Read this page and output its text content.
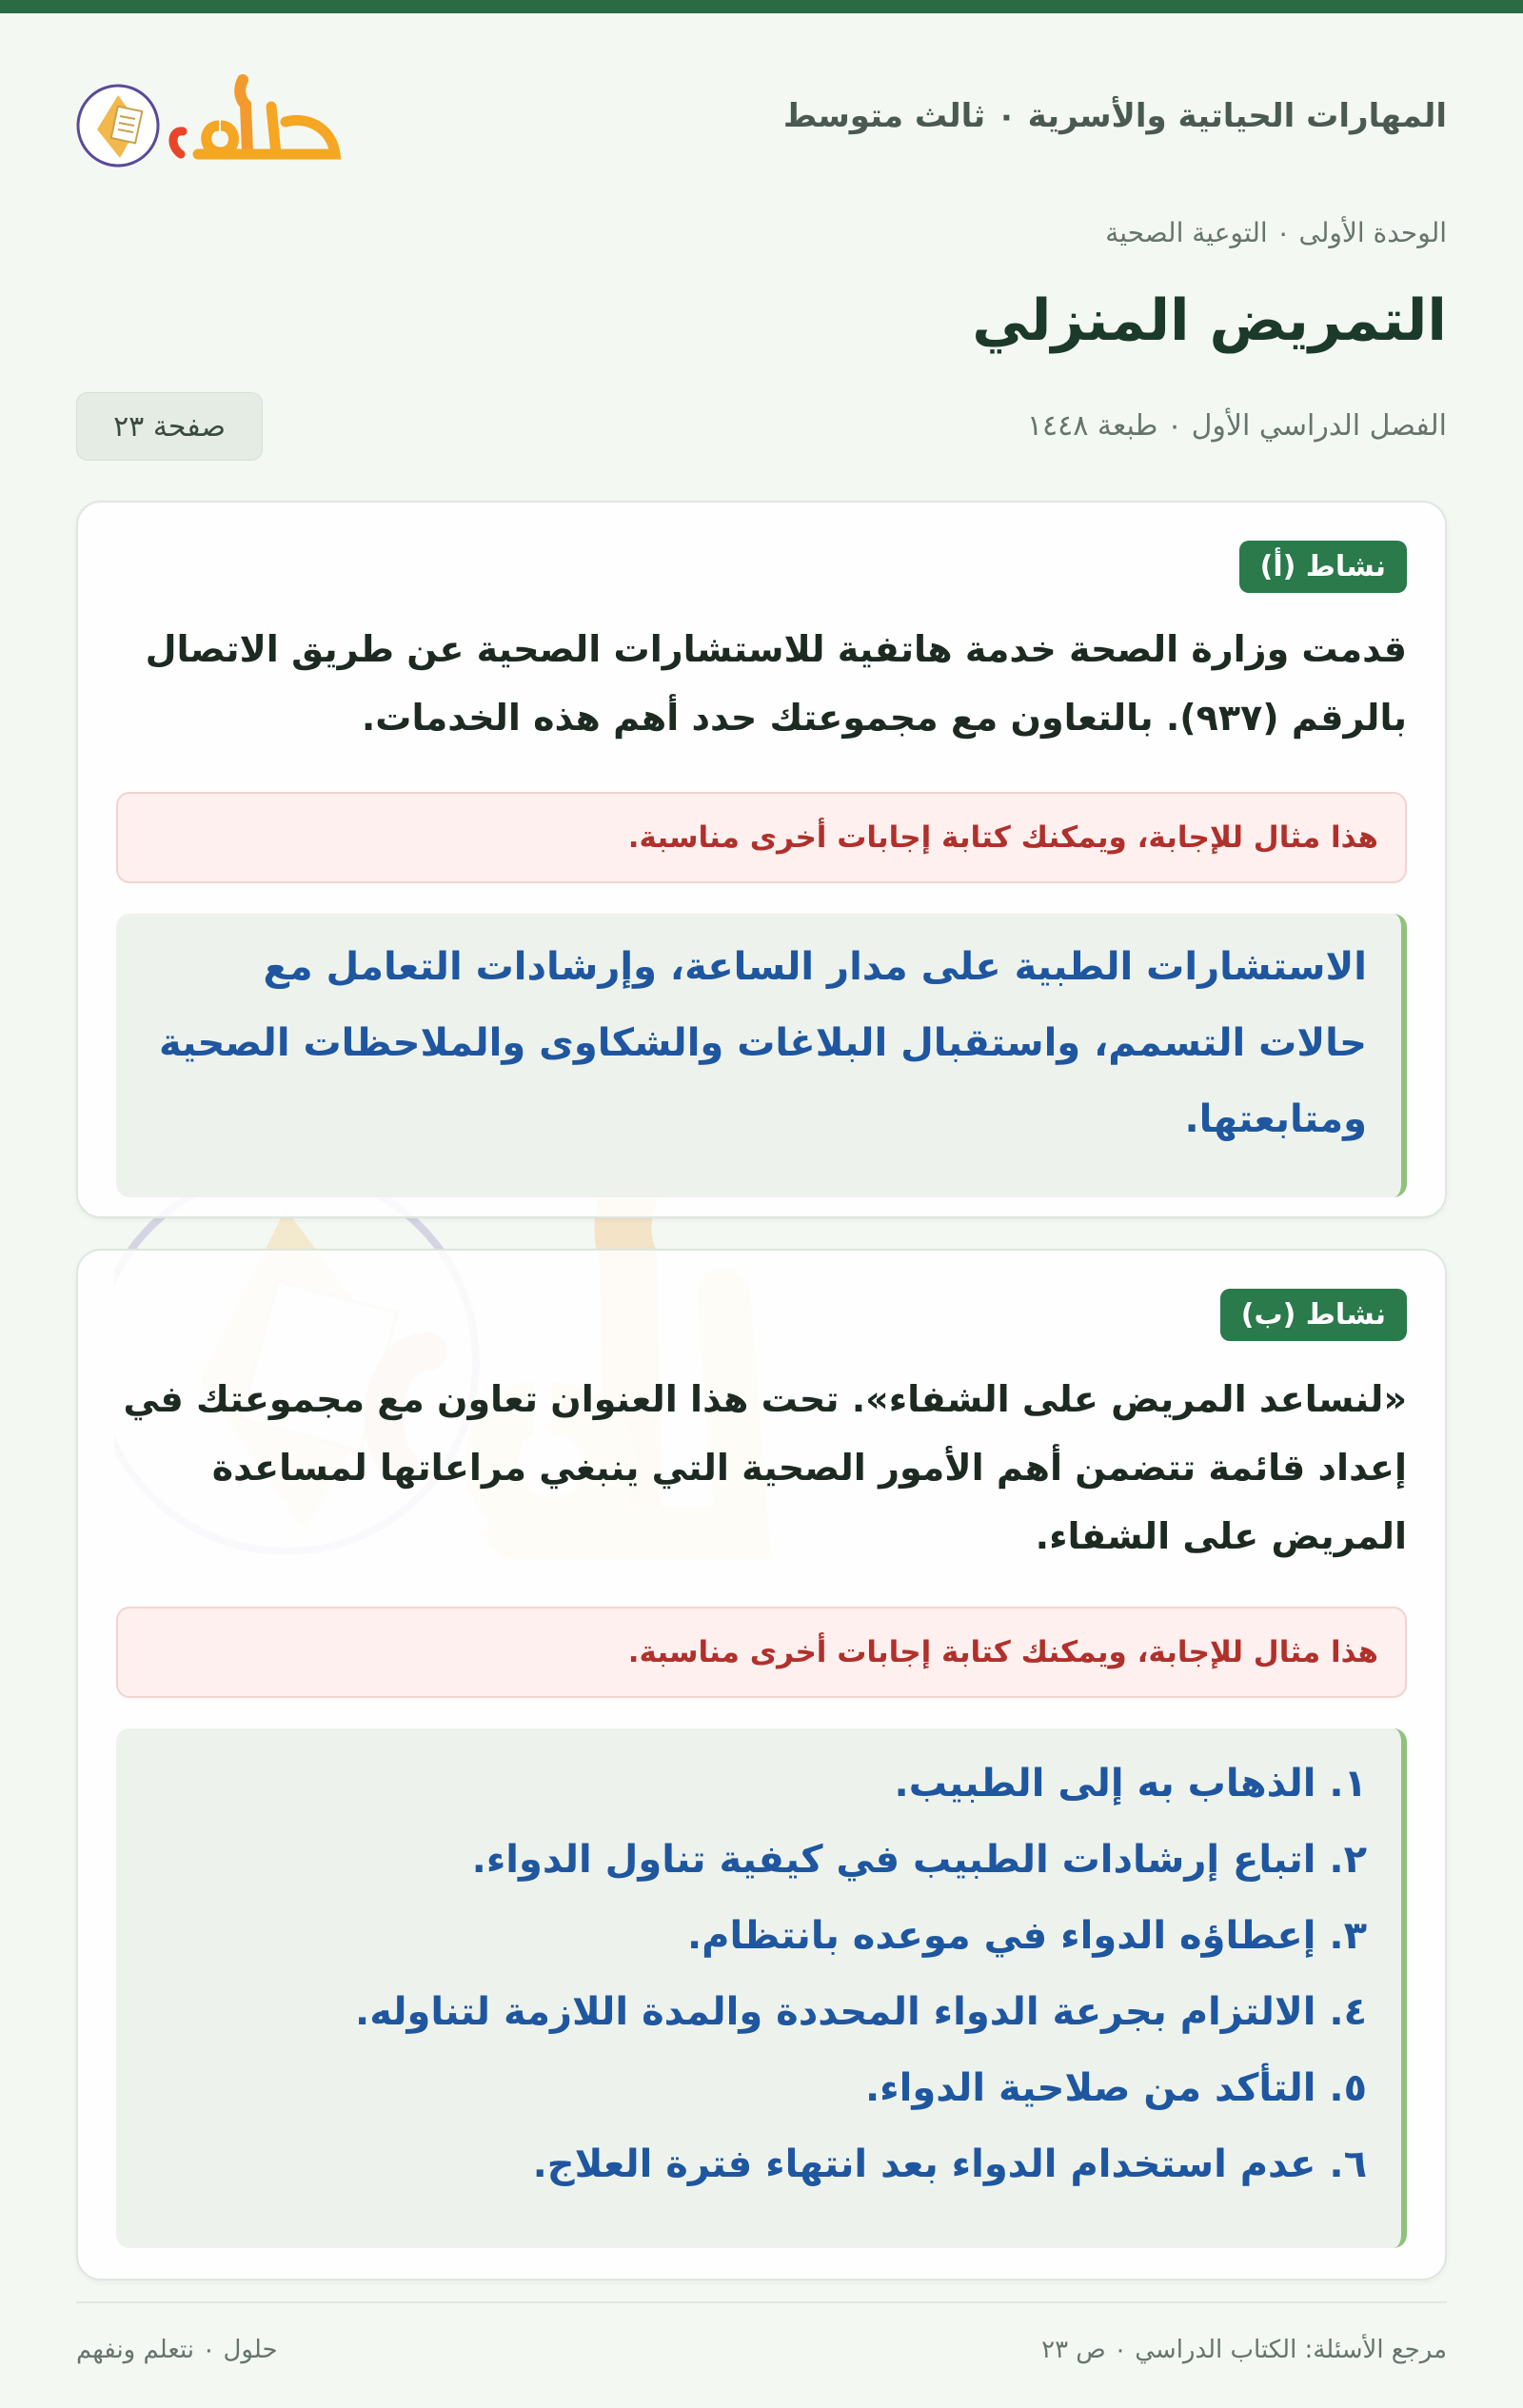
المهارات الحياتية والأسرية ٠ ثالث متوسط
الوحدة الأولى ٠ التوعية الصحية
التمريض المنزلي
الفصل الدراسي الأول ٠ طبعة ١٤٤٨
صفحة ٢٣
نشاط (أ)
قدمت وزارة الصحة خدمة هاتفية للاستشارات الصحية عن طريق الاتصال بالرقم (٩٣٧). بالتعاون مع مجموعتك حدد أهم هذه الخدمات.
هذا مثال للإجابة، ويمكنك كتابة إجابات أخرى مناسبة.
الاستشارات الطبية على مدار الساعة، وإرشادات التعامل مع حالات التسمم، واستقبال البلاغات والشكاوى والملاحظات الصحية ومتابعتها.
نشاط (ب)
«لنساعد المريض على الشفاء». تحت هذا العنوان تعاون مع مجموعتك في إعداد قائمة تتضمن أهم الأمور الصحية التي ينبغي مراعاتها لمساعدة المريض على الشفاء.
هذا مثال للإجابة، ويمكنك كتابة إجابات أخرى مناسبة.
١. الذهاب به إلى الطبيب.
٢. اتباع إرشادات الطبيب في كيفية تناول الدواء.
٣. إعطاؤه الدواء في موعده بانتظام.
٤. الالتزام بجرعة الدواء المحددة والمدة اللازمة لتناوله.
٥. التأكد من صلاحية الدواء.
٦. عدم استخدام الدواء بعد انتهاء فترة العلاج.
مرجع الأسئلة: الكتاب الدراسي ٠ ص ٢٣
حلول ٠ نتعلم ونفهم
